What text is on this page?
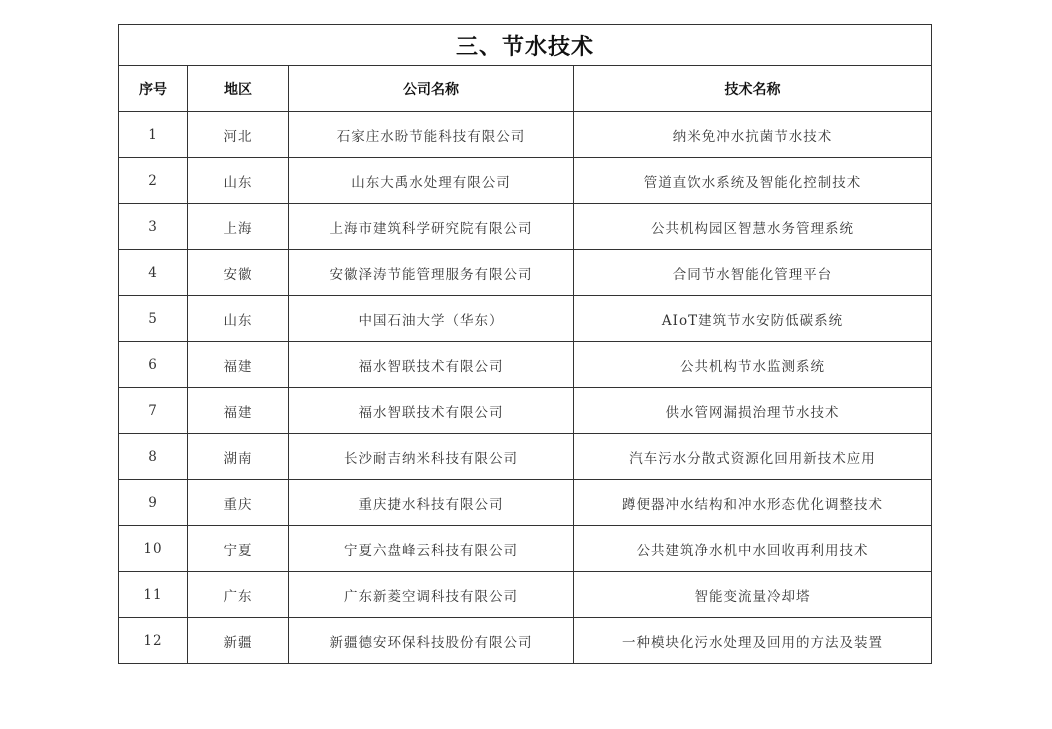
三、节水技术			
序号	地区	公司名称	技术名称
1	河北	石家庄水盼节能科技有限公司	纳米免冲水抗菌节水技术
2	山东	山东大禹水处理有限公司	管道直饮水系统及智能化控制技术
3	上海	上海市建筑科学研究院有限公司	公共机构园区智慧水务管理系统
4	安徽	安徽泽涛节能管理服务有限公司	合同节水智能化管理平台
5	山东	中国石油大学（华东）	AIoT建筑节水安防低碳系统
6	福建	福水智联技术有限公司	公共机构节水监测系统
7	福建	福水智联技术有限公司	供水管网漏损治理节水技术
8	湖南	长沙耐吉纳米科技有限公司	汽车污水分散式资源化回用新技术应用
9	重庆	重庆捷水科技有限公司	蹲便器冲水结构和冲水形态优化调整技术
10	宁夏	宁夏六盘峰云科技有限公司	公共建筑净水机中水回收再利用技术
11	广东	广东新菱空调科技有限公司	智能变流量冷却塔
12	新疆	新疆德安环保科技股份有限公司	一种模块化污水处理及回用的方法及装置
